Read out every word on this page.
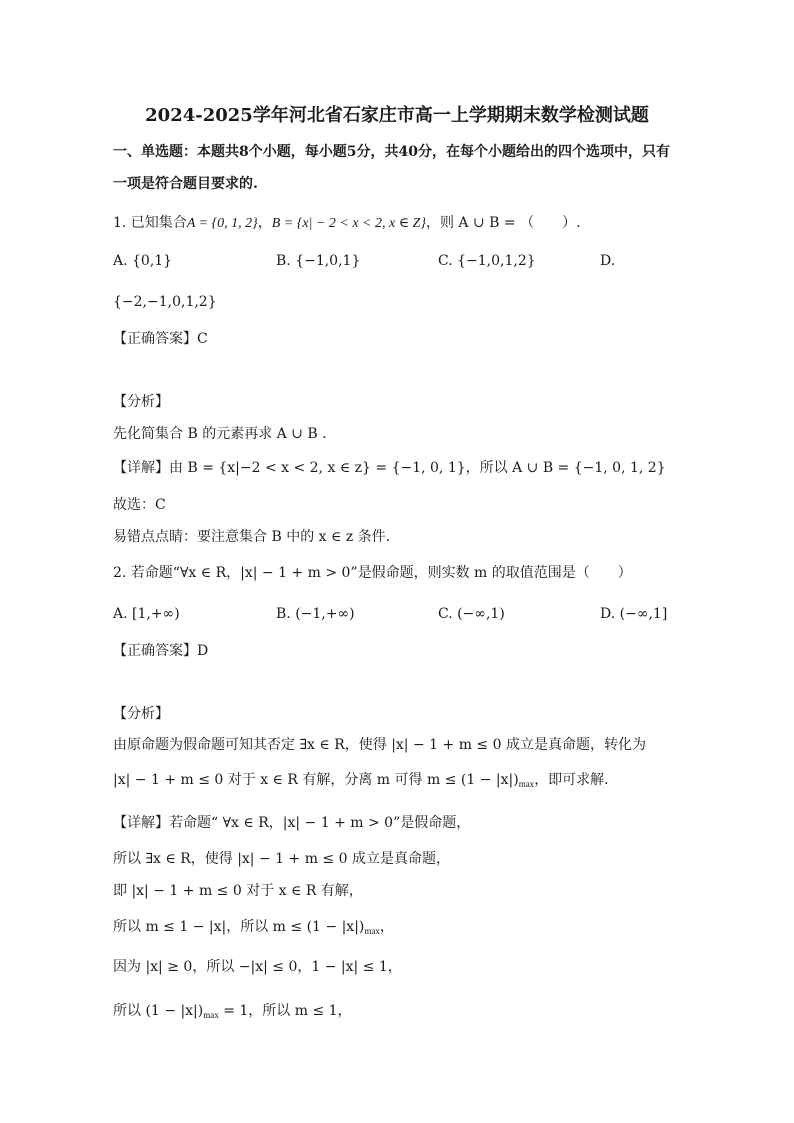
2024-2025学年河北省石家庄市高一上学期期末数学检测试题
一、单选题：本题共8个小题，每小题5分，共40分，在每个小题给出的四个选项中，只有
一项是符合题目要求的.
1. 已知集合A = {0, 1, 2}，B = {x| − 2 < x < 2, x ∈ Z}，则 A ∪ B = （　　）.
A. {0,1}	B. {−1,0,1}	C. {−1,0,1,2}	D.
{−2,−1,0,1,2}
【正确答案】C
【分析】
先化简集合 B 的元素再求 A ∪ B .
【详解】由 B = {x|−2 < x < 2, x ∈ z} = {−1, 0, 1}，所以 A ∪ B = {−1, 0, 1, 2}
故选：C
易错点点睛：要注意集合 B 中的 x ∈ z 条件.
2. 若命题“∀x ∈ R，|x| − 1 + m > 0”是假命题，则实数 m 的取值范围是（　　）
A. [1,+∞)	B. (−1,+∞)	C. (−∞,1)	D. (−∞,1]
【正确答案】D
【分析】
由原命题为假命题可知其否定 ∃x ∈ R，使得 |x| − 1 + m ≤ 0 成立是真命题，转化为
|x| − 1 + m ≤ 0 对于 x ∈ R 有解，分离 m 可得 $m \le (1 - |x|)_{max}$，即可求解.
【详解】若命题“ ∀x ∈ R，|x| − 1 + m > 0”是假命题，
所以 ∃x ∈ R，使得 |x| − 1 + m ≤ 0 成立是真命题，
即 |x| − 1 + m ≤ 0 对于 x ∈ R 有解，
所以 m ≤ 1 − |x|，所以 $m \le (1 - |x|)_{max}$，
因为 |x| ≥ 0，所以 −|x| ≤ 0，1 − |x| ≤ 1，
所以 $(1 - |x|)_{max} = 1$，所以 m ≤ 1，
